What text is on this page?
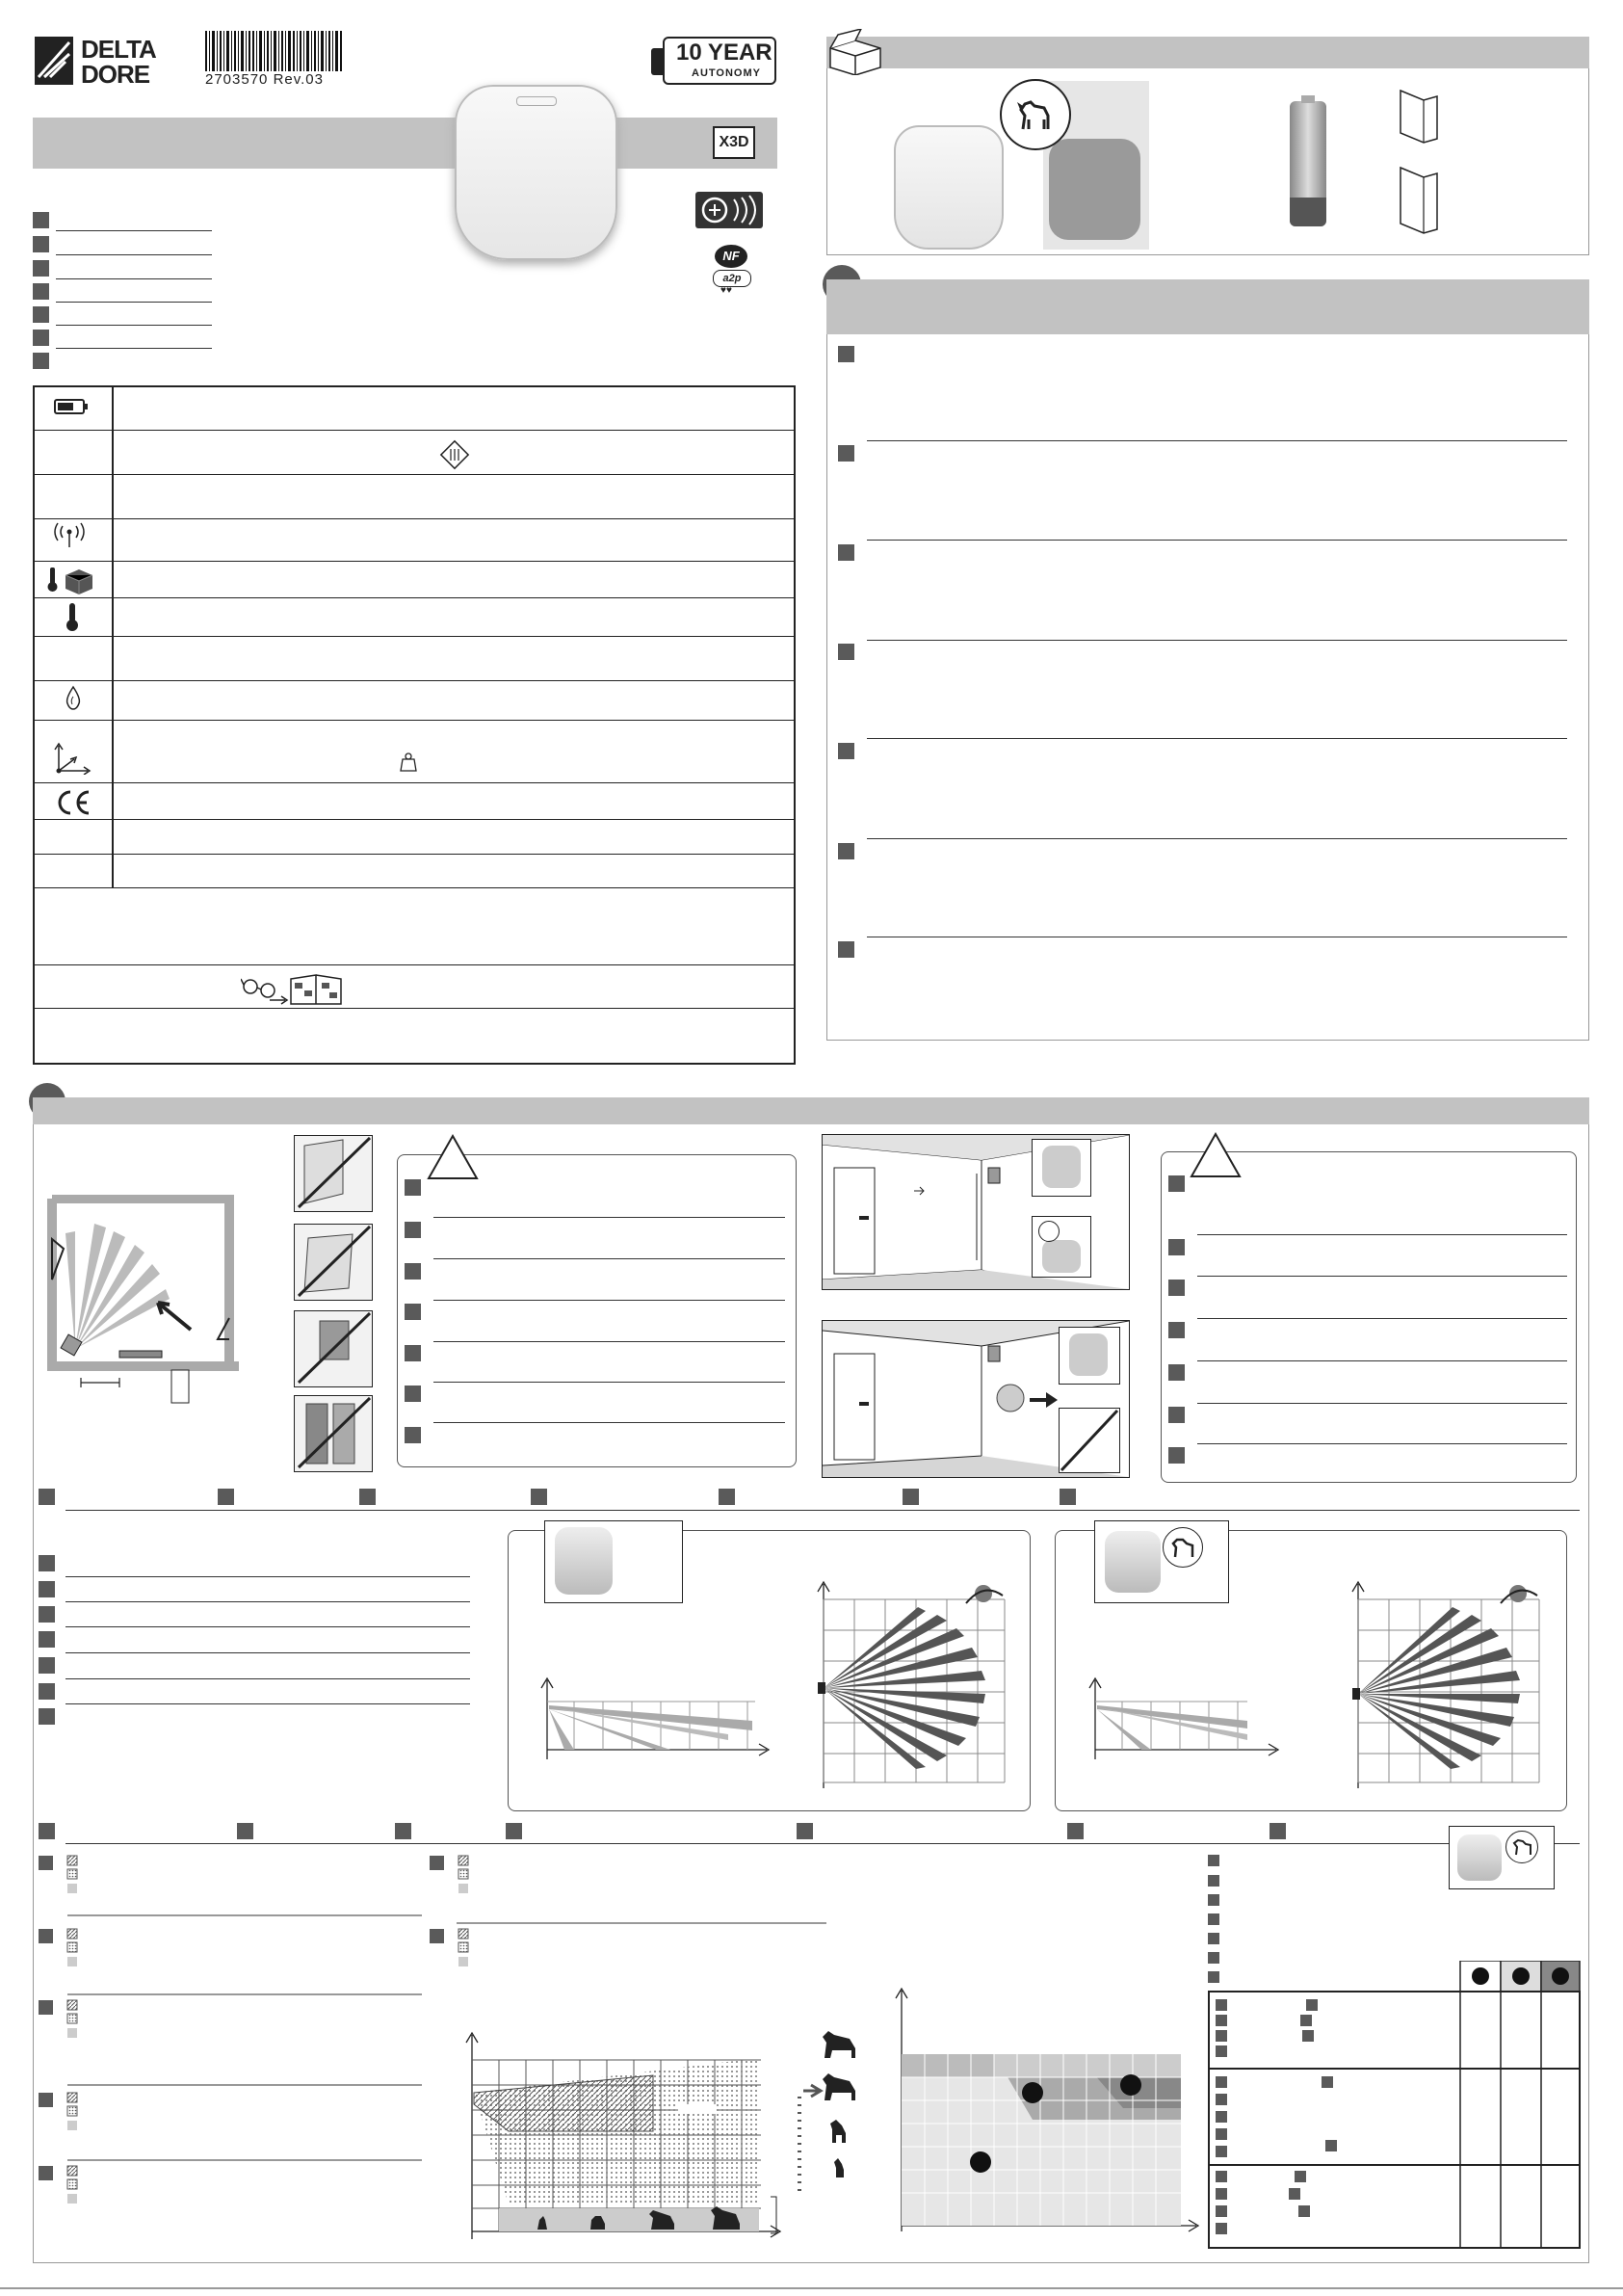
DELTA
DORE	2703570 Rev.03
10 YEAR
AUTONOMY
X3D
NF
a2p
♥♥
